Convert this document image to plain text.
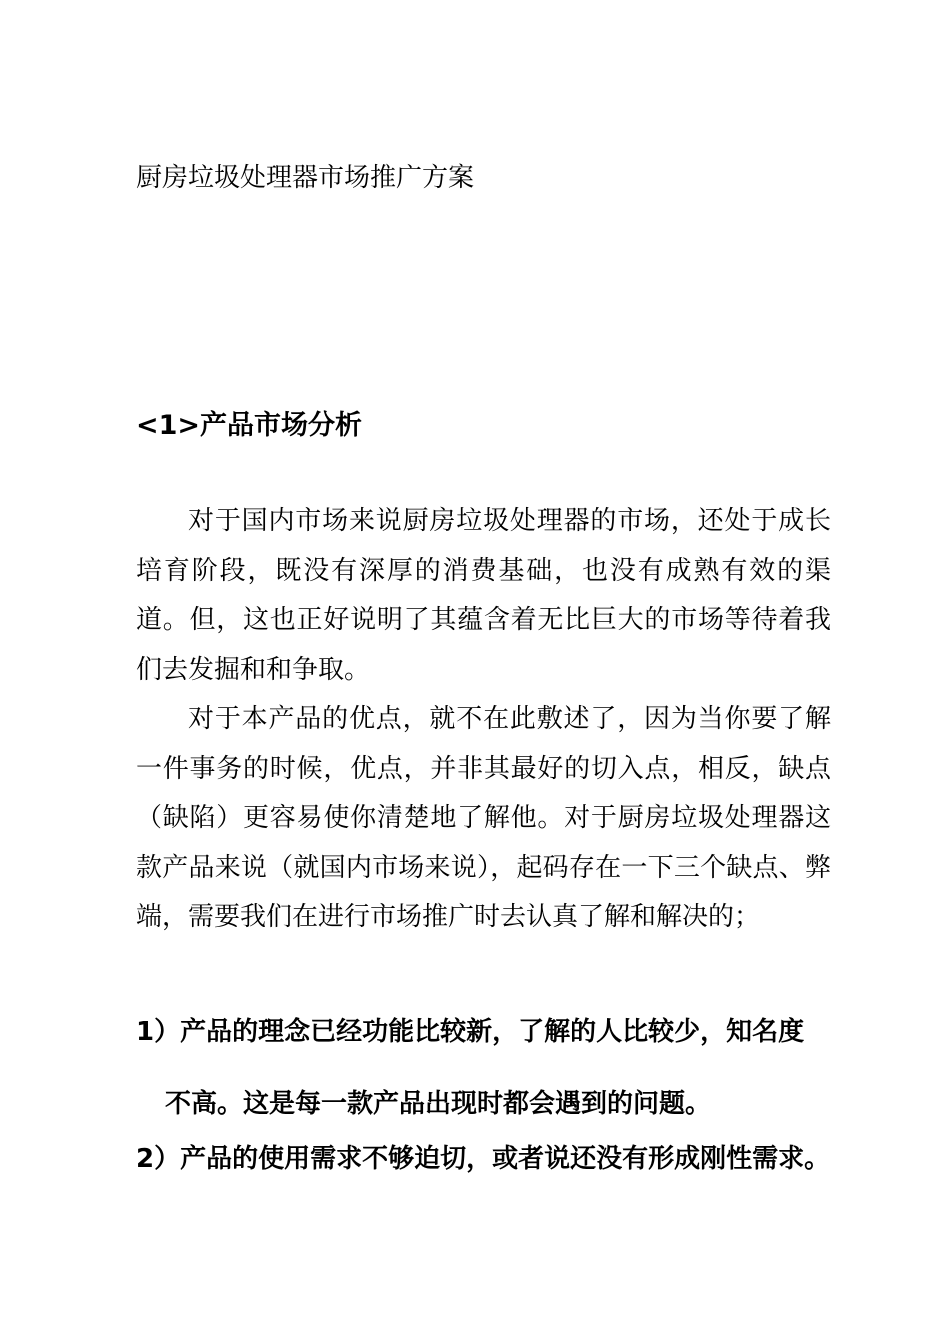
厨房垃圾处理器市场推广方案
<1>产品市场分析

对于国内市场来说厨房垃圾处理器的市场，还处于成长培育阶段，既没有深厚的消费基础，也没有成熟有效的渠道。但，这也正好说明了其蕴含着无比巨大的市场等待着我们去发掘和和争取。

对于本产品的优点，就不在此敷述了，因为当你要了解一件事务的时候，优点，并非其最好的切入点，相反，缺点（缺陷）更容易使你清楚地了解他。对于厨房垃圾处理器这款产品来说（就国内市场来说），起码存在一下三个缺点、弊端，需要我们在进行市场推广时去认真了解和解决的；

1）产品的理念已经功能比较新，了解的人比较少，知名度

不高。这是每一款产品出现时都会遇到的问题。

2）产品的使用需求不够迫切，或者说还没有形成刚性需求。
